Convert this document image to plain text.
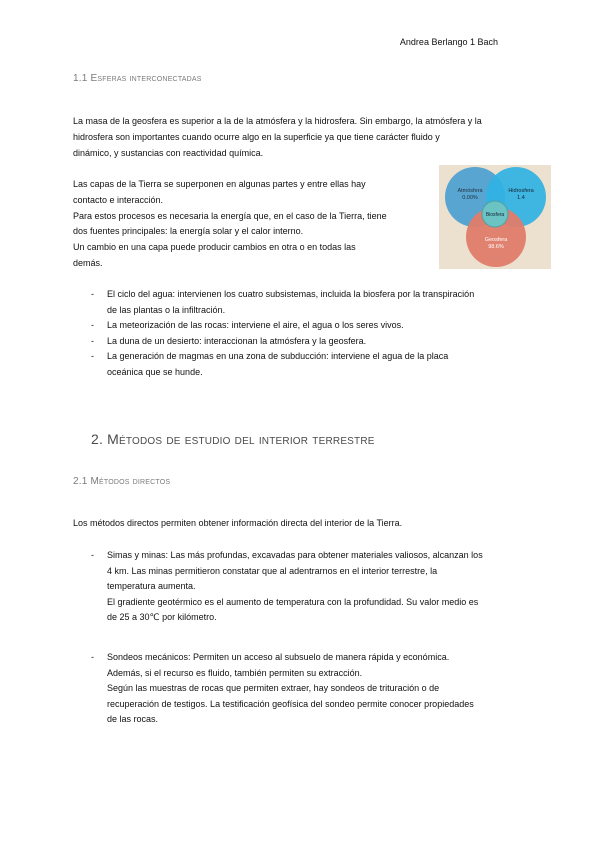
Andrea Berlango 1 Bach
1.1 Esferas interconectadas
La masa de la geosfera es superior a la de la atmósfera y la hidrosfera. Sin embargo, la atmósfera y la
hidrosfera son importantes cuando ocurre algo en la superficie ya que tiene carácter fluido y
dinámico, y sustancias con reactividad química.
Las capas de la Tierra se superponen en algunas partes y entre ellas hay
contacto e interacción.
Para estos procesos es necesaria la energía que, en el caso de la Tierra, tiene
dos fuentes principales: la energía solar y el calor interno.
Un cambio en una capa puede producir cambios en otra o en todas las
demás.
Atmósfera
0.00%
Hidrosfera
1.4
Biosfera
Geosfera
98.6%
- El ciclo del agua: intervienen los cuatro subsistemas, incluida la biosfera por la transpiración
de las plantas o la infiltración.
- La meteorización de las rocas: interviene el aire, el agua o los seres vivos.
- La duna de un desierto: interaccionan la atmósfera y la geosfera.
- La generación de magmas en una zona de subducción: interviene el agua de la placa
oceánica que se hunde.
2. Métodos de estudio del interior terrestre
2.1 Métodos directos
Los métodos directos permiten obtener información directa del interior de la Tierra.
- Simas y minas: Las más profundas, excavadas para obtener materiales valiosos, alcanzan los
4 km. Las minas permitieron constatar que al adentrarnos en el interior terrestre, la
temperatura aumenta.
El gradiente geotérmico es el aumento de temperatura con la profundidad. Su valor medio es
de 25 a 30℃ por kilómetro.
- Sondeos mecánicos: Permiten un acceso al subsuelo de manera rápida y económica.
Además, si el recurso es fluido, también permiten su extracción.
Según las muestras de rocas que permiten extraer, hay sondeos de trituración o de
recuperación de testigos. La testificación geofísica del sondeo permite conocer propiedades
de las rocas.
